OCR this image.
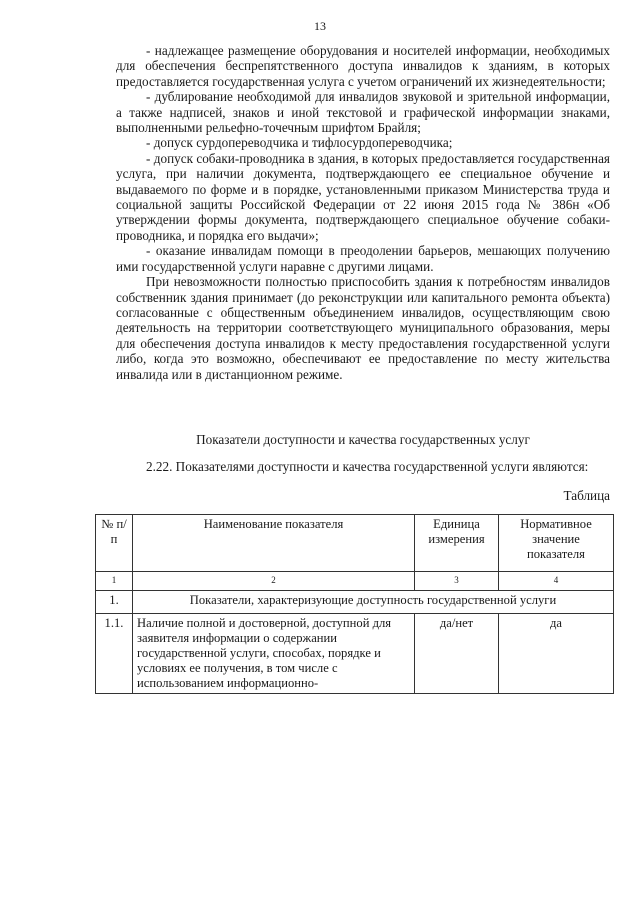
13

- надлежащее размещение оборудования и носителей информации, необходимых для обеспечения беспрепятственного доступа инвалидов к зданиям, в которых предоставляется государственная услуга с учетом ограничений их жизнедеятельности;

- дублирование необходимой для инвалидов звуковой и зрительной информации, а также надписей, знаков и иной текстовой и графической информации знаками, выполненными рельефно-точечным шрифтом Брайля;

- допуск сурдопереводчика и тифлосурдопереводчика;

- допуск собаки-проводника в здания, в которых предоставляется государственная услуга, при наличии документа, подтверждающего ее специальное обучение и выдаваемого по форме и в порядке, установленными приказом Министерства труда и социальной защиты Российской Федерации от 22 июня 2015 года № 386н «Об утверждении формы документа, подтверждающего специальное обучение собаки-проводника, и порядка его выдачи»;

- оказание инвалидам помощи в преодолении барьеров, мешающих получению ими государственной услуги наравне с другими лицами.

При невозможности полностью приспособить здания к потребностям инвалидов собственник здания принимает (до реконструкции или капитального ремонта объекта) согласованные с общественным объединением инвалидов, осуществляющим свою деятельность на территории соответствующего муниципального образования, меры для обеспечения доступа инвалидов к месту предоставления государственной услуги либо, когда это возможно, обеспечивают ее предоставление по месту жительства инвалида или в дистанционном режиме.

Показатели доступности и качества государственных услуг
2.22. Показателями доступности и качества государственной услуги являются:
Таблица
№ п/п	Наименование показателя	Единица измерения	Нормативное значение показателя
1	2	3	4
1.	Показатели, характеризующие доступность государственной услуги		
1.1.	Наличие полной и достоверной, доступной для заявителя информации о содержании государственной услуги, способах, порядке и условиях ее получения, в том числе с использованием информационно-	да/нет	да
